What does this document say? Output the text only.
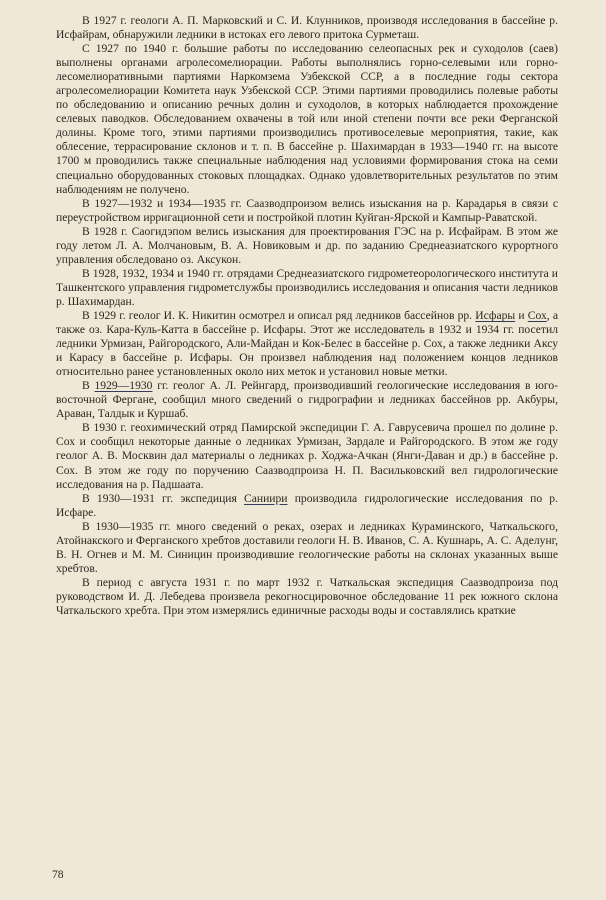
В 1927 г. геологи А. П. Марковский и С. И. Клунников, производя исследования в бассейне р. Исфайрам, обнаружили ледники в истоках его левого притока Сурметаш.

С 1927 по 1940 г. большие работы по исследованию селеопасных рек и суходолов (саев) выполнены органами агролесомелиорации. Работы выполнялись горно-селевыми или горно-лесомелиоративными партиями Наркомзема Узбекской ССР, а в последние годы сектора агролесомелиорации Комитета наук Узбекской ССР. Этими партиями проводились полевые работы по обследованию и описанию речных долин и суходолов, в которых наблюдается прохождение селевых паводков. Обследованием охвачены в той или иной степени почти все реки Ферганской долины. Кроме того, этими партиями производились противоселевые мероприятия, такие, как облесение, террасирование склонов и т. п. В бассейне р. Шахимардан в 1933—1940 гг. на высоте 1700 м проводились также специальные наблюдения над условиями формирования стока на семи специально оборудованных стоковых площадках. Однако удовлетворительных результатов по этим наблюдениям не получено.

В 1927—1932 и 1934—1935 гг. Саазводпроизом велись изыскания на р. Карадарья в связи с переустройством ирригационной сети и постройкой плотин Куйган-Ярской и Кампыр-Раватской.

В 1928 г. Саогидэпом велись изыскания для проектирования ГЭС на р. Исфайрам. В этом же году летом Л. А. Молчановым, В. А. Новиковым и др. по заданию Среднеазиатского курортного управления обследовано оз. Аксукон.

В 1928, 1932, 1934 и 1940 гг. отрядами Среднеазиатского гидрометеорологического института и Ташкентского управления гидрометслужбы производились исследования и описания части ледников р. Шахимардан.

В 1929 г. геолог И. К. Никитин осмотрел и описал ряд ледников бассейнов рр. Исфары и Сох, а также оз. Кара-Куль-Катта в бассейне р. Исфары. Этот же исследователь в 1932 и 1934 гг. посетил ледники Урмизан, Райгородского, Али-Майдан и Кок-Белес в бассейне р. Сох, а также ледники Аксу и Карасу в бассейне р. Исфары. Он произвел наблюдения над положением концов ледников относительно ранее установленных около них меток и установил новые метки.

В 1929—1930 гг. геолог А. Л. Рейнгард, производивший геологические исследования в юго-восточной Фергане, сообщил много сведений о гидрографии и ледниках бассейнов рр. Акбуры, Араван, Талдык и Куршаб.

В 1930 г. геохимический отряд Памирской экспедиции Г. А. Гаврусевича прошел по долине р. Сох и сообщил некоторые данные о ледниках Урмизан, Зардале и Райгородского. В этом же году геолог А. В. Москвин дал материалы о ледниках р. Ходжа-Ачкан (Янги-Даван и др.) в бассейне р. Сох. В этом же году по поручению Саазводпроиза Н. П. Васильковский вел гидрологические исследования на р. Падшаата.

В 1930—1931 гг. экспедиция Саниири производила гидрологические исследования по р. Исфаре.

В 1930—1935 гг. много сведений о реках, озерах и ледниках Кураминского, Чаткальского, Атойнакского и Ферганского хребтов доставили геологи Н. В. Иванов, С. А. Кушнарь, А. С. Аделунг, В. Н. Огнев и М. М. Синицин производившие геологические работы на склонах указанных выше хребтов.

В период с августа 1931 г. по март 1932 г. Чаткальская экспедиция Саазводпроиза под руководством И. Д. Лебедева произвела рекогносцировочное обследование 11 рек южного склона Чаткальского хребта. При этом измерялись единичные расходы воды и составлялись краткие

78
